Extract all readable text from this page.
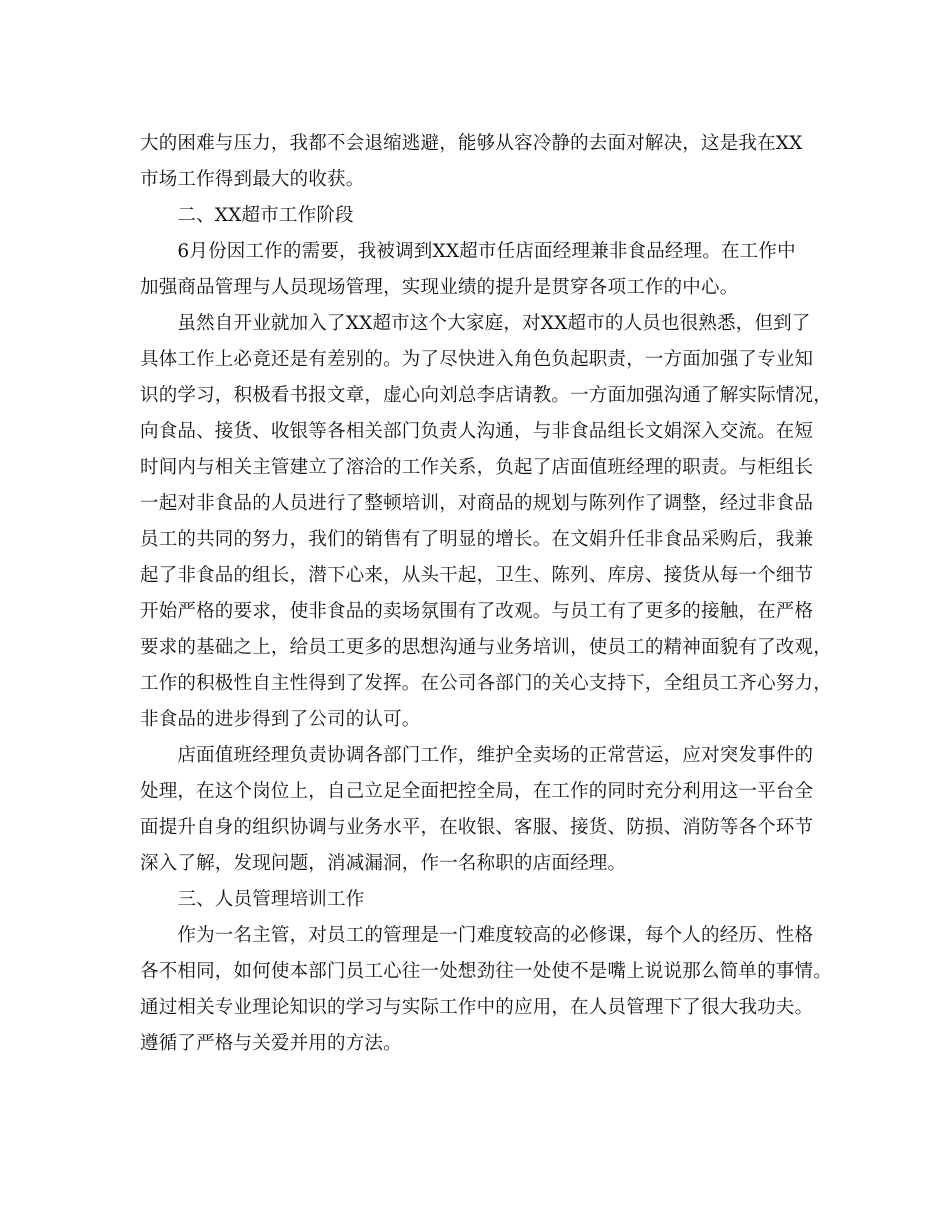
大的困难与压力，我都不会退缩逃避，能够从容冷静的去面对解决，这是我在XX
市场工作得到最大的收获。
　　二、XX超市工作阶段
　　6月份因工作的需要，我被调到XX超市任店面经理兼非食品经理。在工作中
加强商品管理与人员现场管理，实现业绩的提升是贯穿各项工作的中心。
　　虽然自开业就加入了XX超市这个大家庭，对XX超市的人员也很熟悉，但到了
具体工作上必竟还是有差别的。为了尽快进入角色负起职责，一方面加强了专业知
识的学习，积极看书报文章，虚心向刘总李店请教。一方面加强沟通了解实际情况，
向食品、接货、收银等各相关部门负责人沟通，与非食品组长文娟深入交流。在短
时间内与相关主管建立了溶洽的工作关系，负起了店面值班经理的职责。与柜组长
一起对非食品的人员进行了整顿培训，对商品的规划与陈列作了调整，经过非食品
员工的共同的努力，我们的销售有了明显的增长。在文娟升任非食品采购后，我兼
起了非食品的组长，潜下心来，从头干起，卫生、陈列、库房、接货从每一个细节
开始严格的要求，使非食品的卖场氛围有了改观。与员工有了更多的接触，在严格
要求的基础之上，给员工更多的思想沟通与业务培训，使员工的精神面貌有了改观，
工作的积极性自主性得到了发挥。在公司各部门的关心支持下，全组员工齐心努力，
非食品的进步得到了公司的认可。
　　店面值班经理负责协调各部门工作，维护全卖场的正常营运，应对突发事件的
处理，在这个岗位上，自己立足全面把控全局，在工作的同时充分利用这一平台全
面提升自身的组织协调与业务水平，在收银、客服、接货、防损、消防等各个环节
深入了解，发现问题，消减漏洞，作一名称职的店面经理。
　　三、人员管理培训工作
　　作为一名主管，对员工的管理是一门难度较高的必修课，每个人的经历、性格
各不相同，如何使本部门员工心往一处想劲往一处使不是嘴上说说那么简单的事情。
通过相关专业理论知识的学习与实际工作中的应用，在人员管理下了很大我功夫。
遵循了严格与关爱并用的方法。
